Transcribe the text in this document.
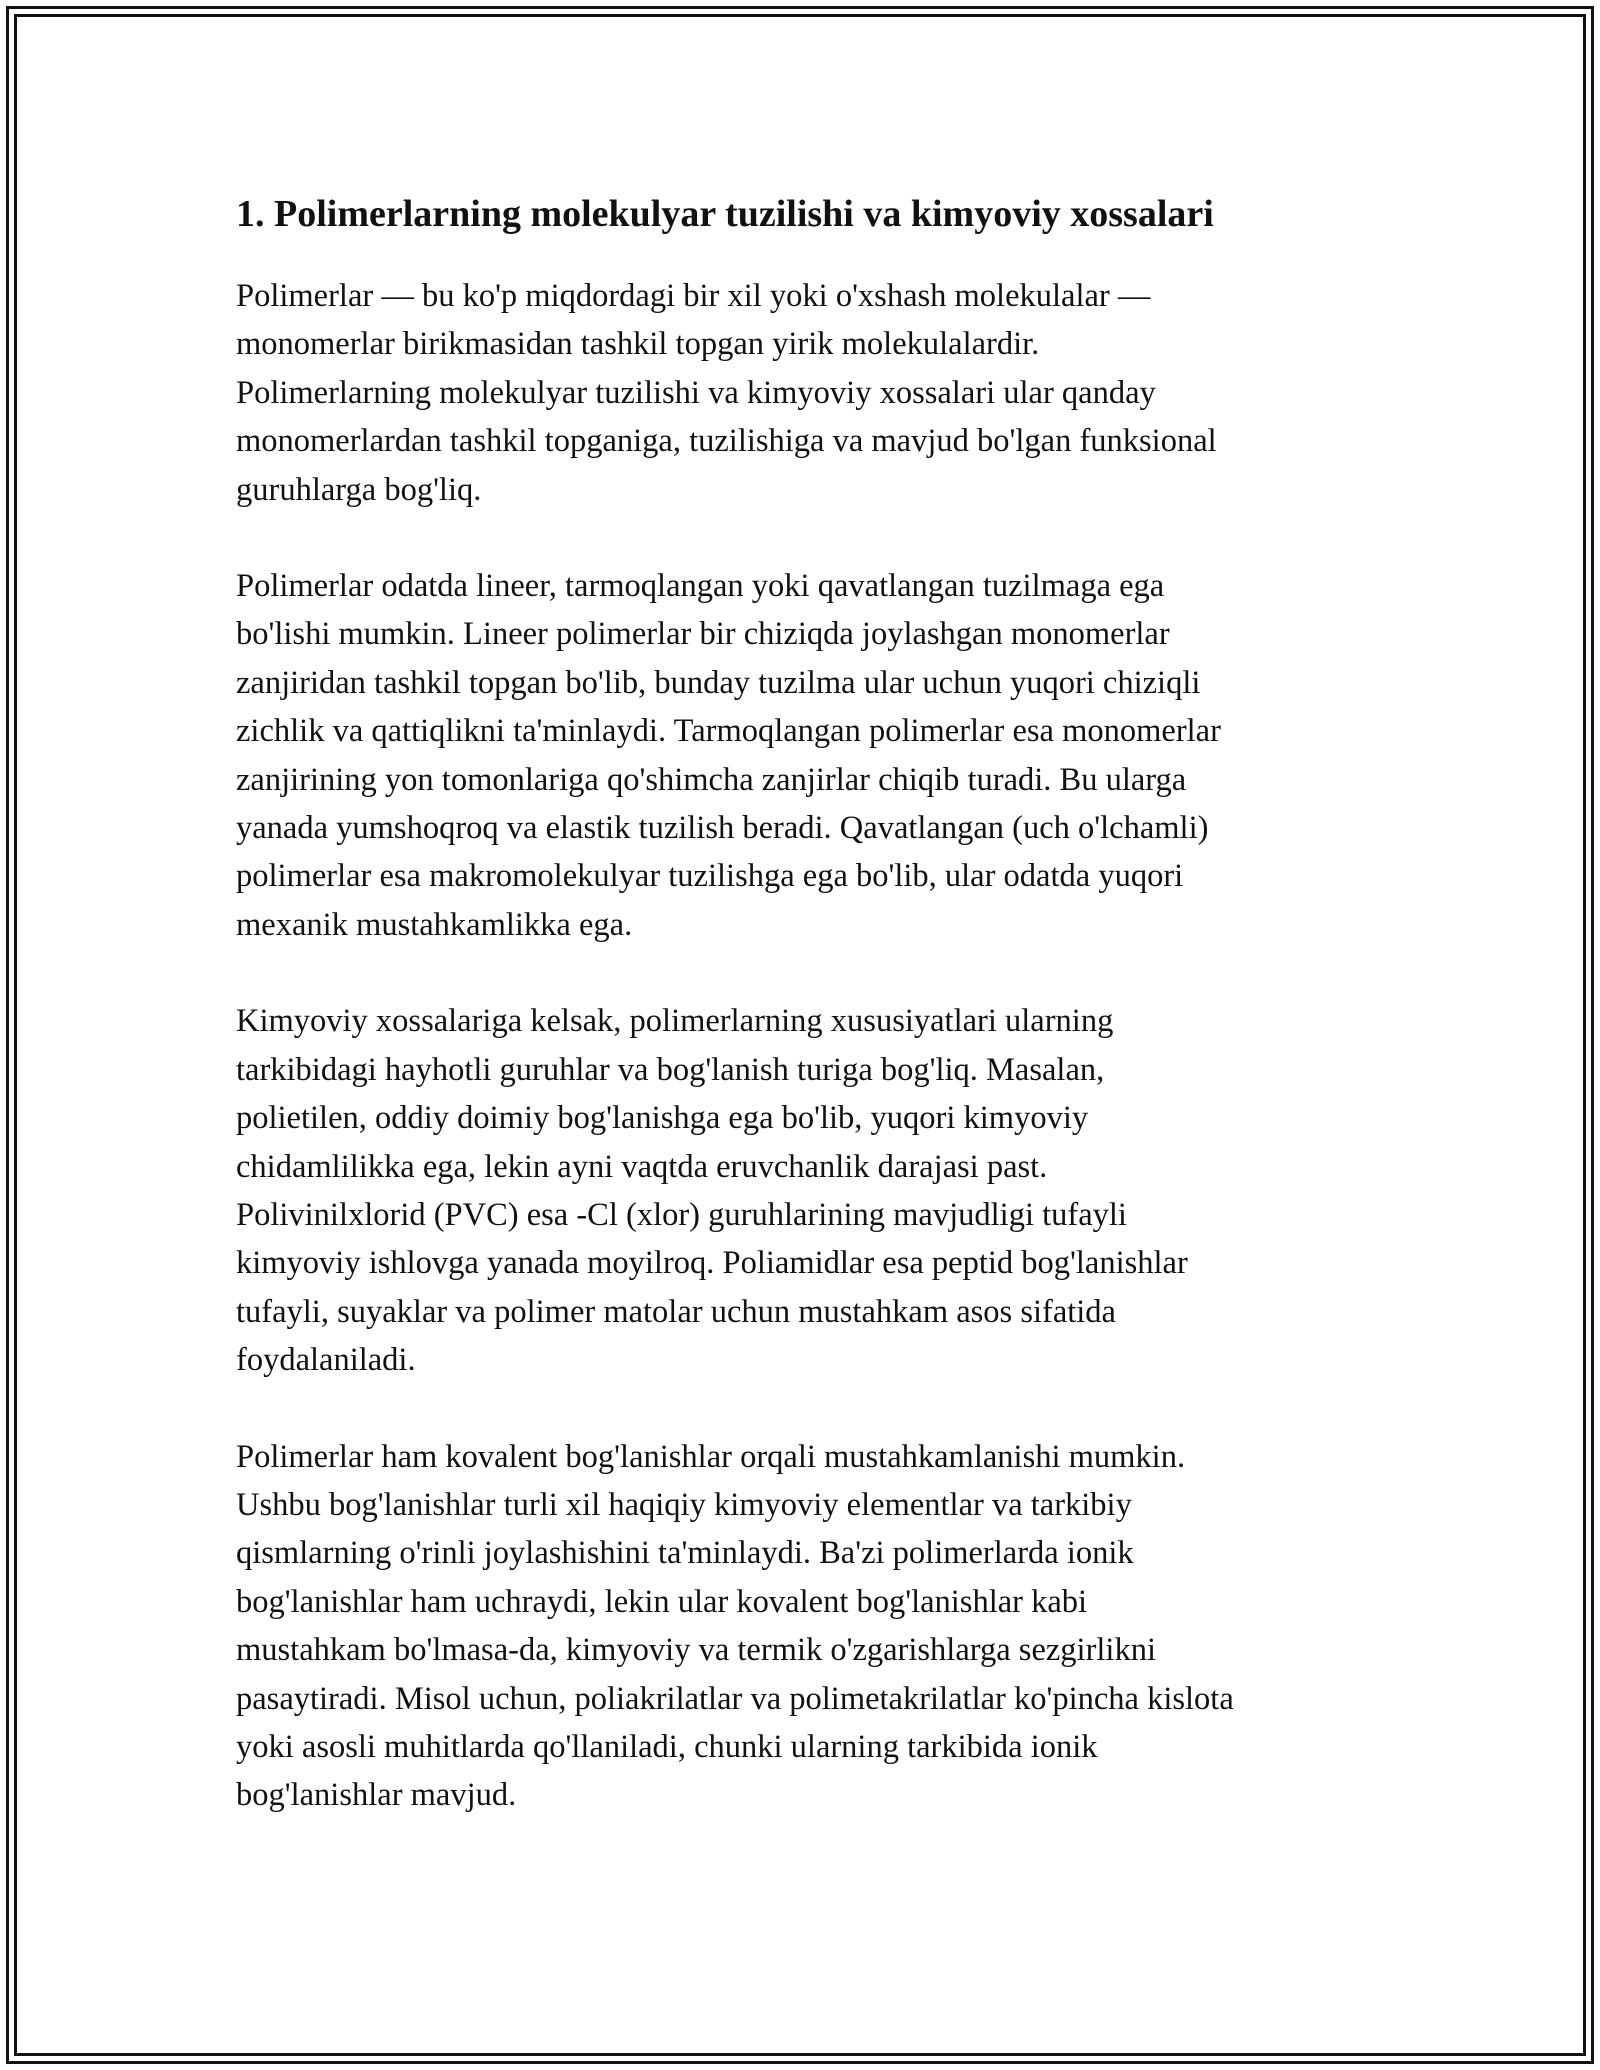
1. Polimerlarning molekulyar tuzilishi va kimyoviy xossalari

Polimerlar — bu ko'p miqdordagi bir xil yoki o'xshash molekulalar —
monomerlar birikmasidan tashkil topgan yirik molekulalardir.
Polimerlarning molekulyar tuzilishi va kimyoviy xossalari ular qanday
monomerlardan tashkil topganiga, tuzilishiga va mavjud bo'lgan funksional
guruhlarga bog'liq.

Polimerlar odatda lineer, tarmoqlangan yoki qavatlangan tuzilmaga ega
bo'lishi mumkin. Lineer polimerlar bir chiziqda joylashgan monomerlar
zanjiridan tashkil topgan bo'lib, bunday tuzilma ular uchun yuqori chiziqli
zichlik va qattiqlikni ta'minlaydi. Tarmoqlangan polimerlar esa monomerlar
zanjirining yon tomonlariga qo'shimcha zanjirlar chiqib turadi. Bu ularga
yanada yumshoqroq va elastik tuzilish beradi. Qavatlangan (uch o'lchamli)
polimerlar esa makromolekulyar tuzilishga ega bo'lib, ular odatda yuqori
mexanik mustahkamlikka ega.

Kimyoviy xossalariga kelsak, polimerlarning xususiyatlari ularning
tarkibidagi hayhotli guruhlar va bog'lanish turiga bog'liq. Masalan,
polietilen, oddiy doimiy bog'lanishga ega bo'lib, yuqori kimyoviy
chidamlilikka ega, lekin ayni vaqtda eruvchanlik darajasi past.
Polivinilxlorid (PVC) esa -Cl (xlor) guruhlarining mavjudligi tufayli
kimyoviy ishlovga yanada moyilroq. Poliamidlar esa peptid bog'lanishlar
tufayli, suyaklar va polimer matolar uchun mustahkam asos sifatida
foydalaniladi.

Polimerlar ham kovalent bog'lanishlar orqali mustahkamlanishi mumkin.
Ushbu bog'lanishlar turli xil haqiqiy kimyoviy elementlar va tarkibiy
qismlarning o'rinli joylashishini ta'minlaydi. Ba'zi polimerlarda ionik
bog'lanishlar ham uchraydi, lekin ular kovalent bog'lanishlar kabi
mustahkam bo'lmasa-da, kimyoviy va termik o'zgarishlarga sezgirlikni
pasaytiradi. Misol uchun, poliakrilatlar va polimetakrilatlar ko'pincha kislota
yoki asosli muhitlarda qo'llaniladi, chunki ularning tarkibida ionik
bog'lanishlar mavjud.
